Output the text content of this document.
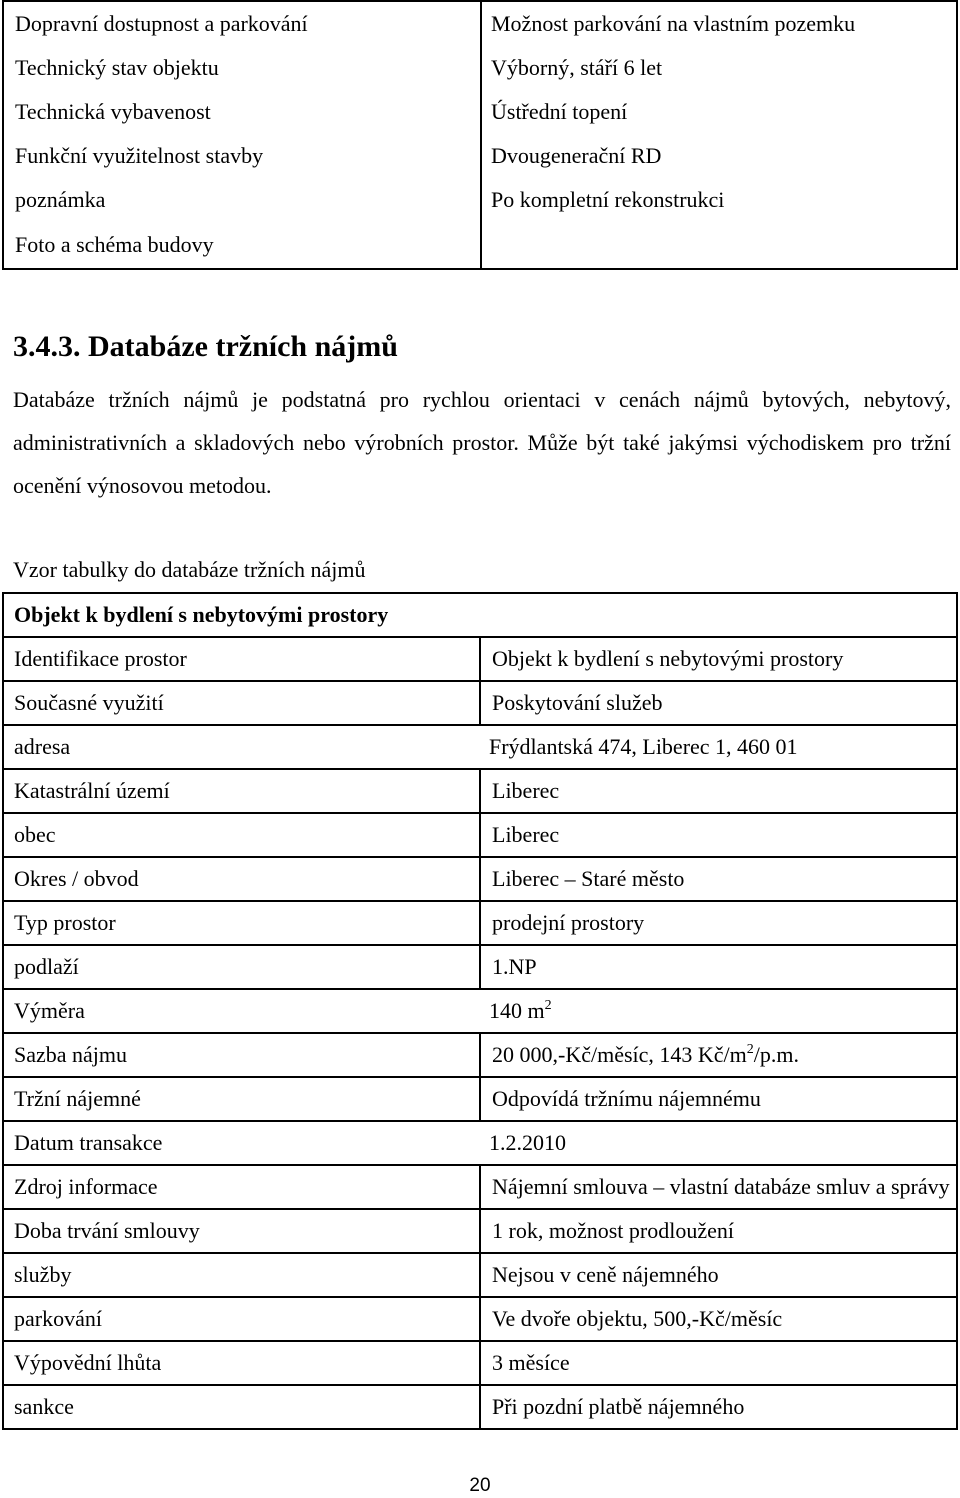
Dopravní dostupnost a parkování	Možnost parkování na vlastním pozemku
Technický stav objektu	Výborný, stáří 6 let
Technická vybavenost	Ústřední topení
Funkční využitelnost stavby	Dvougenerační RD
poznámka	Po kompletní rekonstrukci
Foto a schéma budovy	
3.4.3. Databáze tržních nájmů
Databáze tržních nájmů je podstatná pro rychlou orientaci v cenách nájmů bytových, nebytový, administrativních a skladových nebo výrobních prostor. Může být také jakýmsi východiskem pro tržní ocenění výnosovou metodou.
Vzor tabulky do databáze tržních nájmů
Objekt k bydlení s nebytovými prostory	
Identifikace prostor	Objekt k bydlení s nebytovými prostory
Současné využití	Poskytování služeb
adresa	Frýdlantská 474, Liberec 1, 460 01
Katastrální území	Liberec
obec	Liberec
Okres / obvod	Liberec – Staré město
Typ prostor	prodejní prostory
podlaží	1.NP
Výměra	140 $m^2$
Sazba nájmu	20 000,-Kč/měsíc, 143 $Kč/m^2/p.m$.
Tržní nájemné	Odpovídá tržnímu nájemnému
Datum transakce	1.2.2010
Zdroj informace	Nájemní smlouva – vlastní databáze smluv a správy
Doba trvání smlouvy	1 rok, možnost prodloužení
služby	Nejsou v ceně nájemného
parkování	Ve dvoře objektu, 500,-Kč/měsíc
Výpovědní lhůta	3 měsíce
sankce	Při pozdní platbě nájemného
20
